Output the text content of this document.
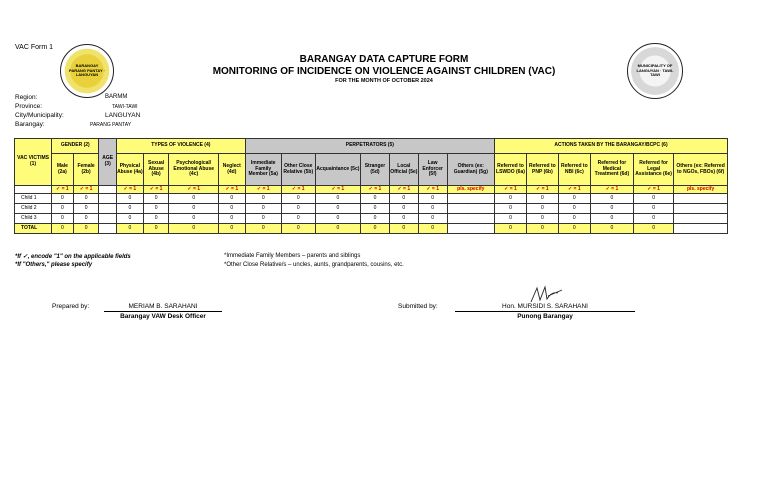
VAC Form 1
BARANGAY PARANG PANTAY · LANGUYAN
MUNICIPALITY OF LANGUYAN · TAWI-TAWI
BARANGAY DATA CAPTURE FORM
MONITORING OF INCIDENCE ON VIOLENCE AGAINST CHILDREN (VAC)
FOR THE MONTH OF OCTOBER 2024
Region:	BARMM
Province:	TAWI-TAWI
City/Municipality:	LANGUYAN
Barangay:	PARANG PANTAY
VAC VICTIMS (1)	GENDER (2)		AGE (3)	TYPES OF VIOLENCE (4)				PERPETRATORS (5)							ACTIONS TAKEN BY THE BARANGAY/BCPC (6)					
	Male (2a)	Female (2b)		Physical Abuse (4a)	Sexual Abuse (4b)	Psychological/ Emotional Abuse (4c)	Neglect (4d)	Immediate Family Member (5a)	Other Close Relative (5b)	Acquaintance (5c)	Stranger (5d)	Local Official (5e)	Law Enforcer (5f)	Others (ex: Guardian) (5g)	Referred to LSWDO (6a)	Referred to PNP (6b)	Referred to NBI (6c)	Referred for Medical Treatment (6d)	Referred for Legal Assistance (6e)	Others (ex: Referred to NGOs, FBOs) (6f)
	✓ = 1	✓ = 1		✓ = 1	✓ = 1	✓ = 1	✓ = 1	✓ = 1	✓ = 1	✓ = 1	✓ = 1	✓ = 1	✓ = 1	pls. specify	✓ = 1	✓ = 1	✓ = 1	✓ = 1	✓ = 1	pls. specify
Child 1	0	0		0	0	0	0	0	0	0	0	0	0		0	0	0	0	0	
Child 2	0	0		0	0	0	0	0	0	0	0	0	0		0	0	0	0	0	
Child 3	0	0		0	0	0	0	0	0	0	0	0	0		0	0	0	0	0	
TOTAL	0	0		0	0	0	0	0	0	0	0	0	0		0	0	0	0	0	
*If ✓, encode "1" on the applicable fields
*If "Others," please specify
*Immediate Family Members – parents and siblings
*Other Close Relative/s – uncles, aunts, grandparents, cousins, etc.
Prepared by:	MERIAM B. SARAHANI
Barangay VAW Desk Officer
Submitted by:	Hon. MURSIDI S. SARAHANI
Punong Barangay
